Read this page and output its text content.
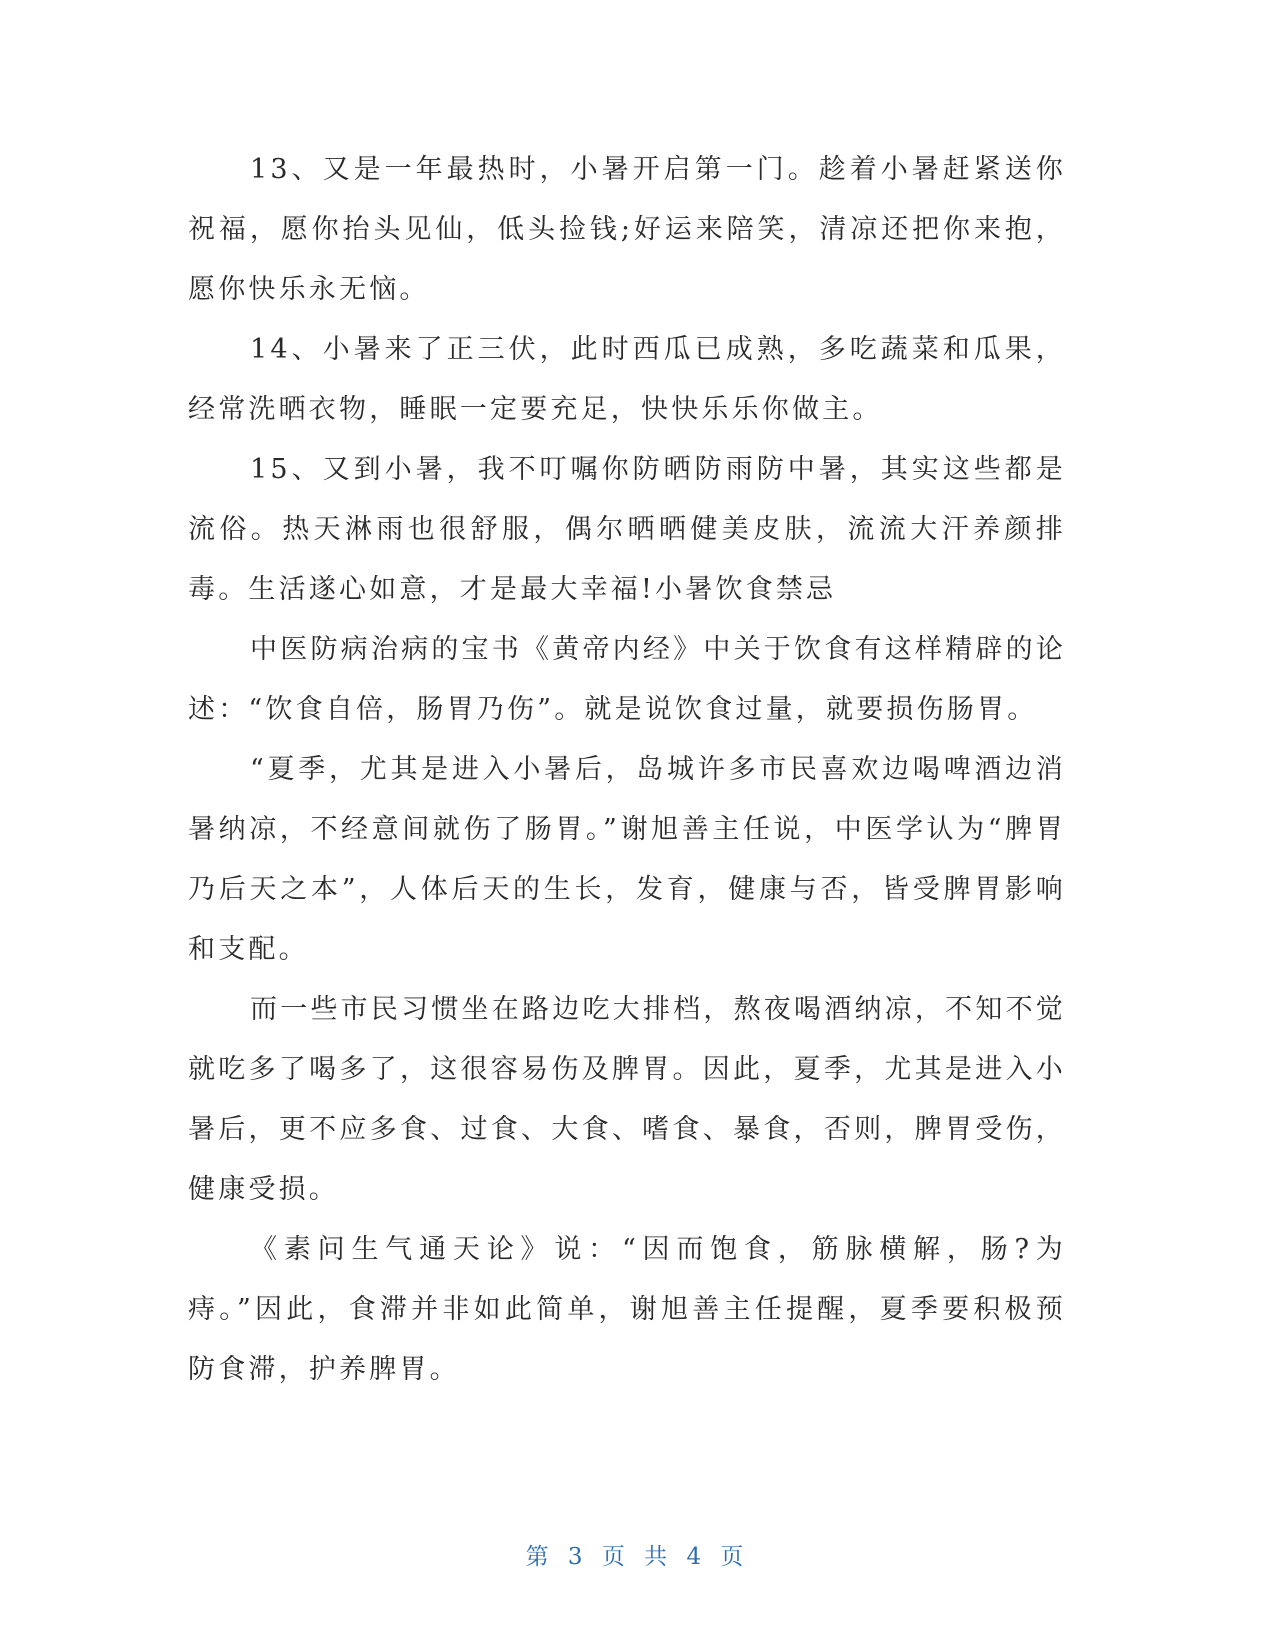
13、又是一年最热时，小暑开启第一门。趁着小暑赶紧送你祝福，愿你抬头见仙，低头捡钱;好运来陪笑，清凉还把你来抱，愿你快乐永无恼。

14、小暑来了正三伏，此时西瓜已成熟，多吃蔬菜和瓜果，经常洗晒衣物，睡眠一定要充足，快快乐乐你做主。

15、又到小暑，我不叮嘱你防晒防雨防中暑，其实这些都是流俗。热天淋雨也很舒服，偶尔晒晒健美皮肤，流流大汗养颜排毒。生活遂心如意，才是最大幸福!小暑饮食禁忌

中医防病治病的宝书《黄帝内经》中关于饮食有这样精辟的论述：“饮食自倍，肠胃乃伤”。就是说饮食过量，就要损伤肠胃。

“夏季，尤其是进入小暑后，岛城许多市民喜欢边喝啤酒边消暑纳凉，不经意间就伤了肠胃。”谢旭善主任说，中医学认为“脾胃乃后天之本”，人体后天的生长，发育，健康与否，皆受脾胃影响和支配。

而一些市民习惯坐在路边吃大排档，熬夜喝酒纳凉，不知不觉就吃多了喝多了，这很容易伤及脾胃。因此，夏季，尤其是进入小暑后，更不应多食、过食、大食、嗜食、暴食，否则，脾胃受伤，健康受损。

《素问生气通天论》说：“因而饱食，筋脉横解，肠?为痔。”因此，食滞并非如此简单，谢旭善主任提醒，夏季要积极预防食滞，护养脾胃。

第 3 页 共 4 页
